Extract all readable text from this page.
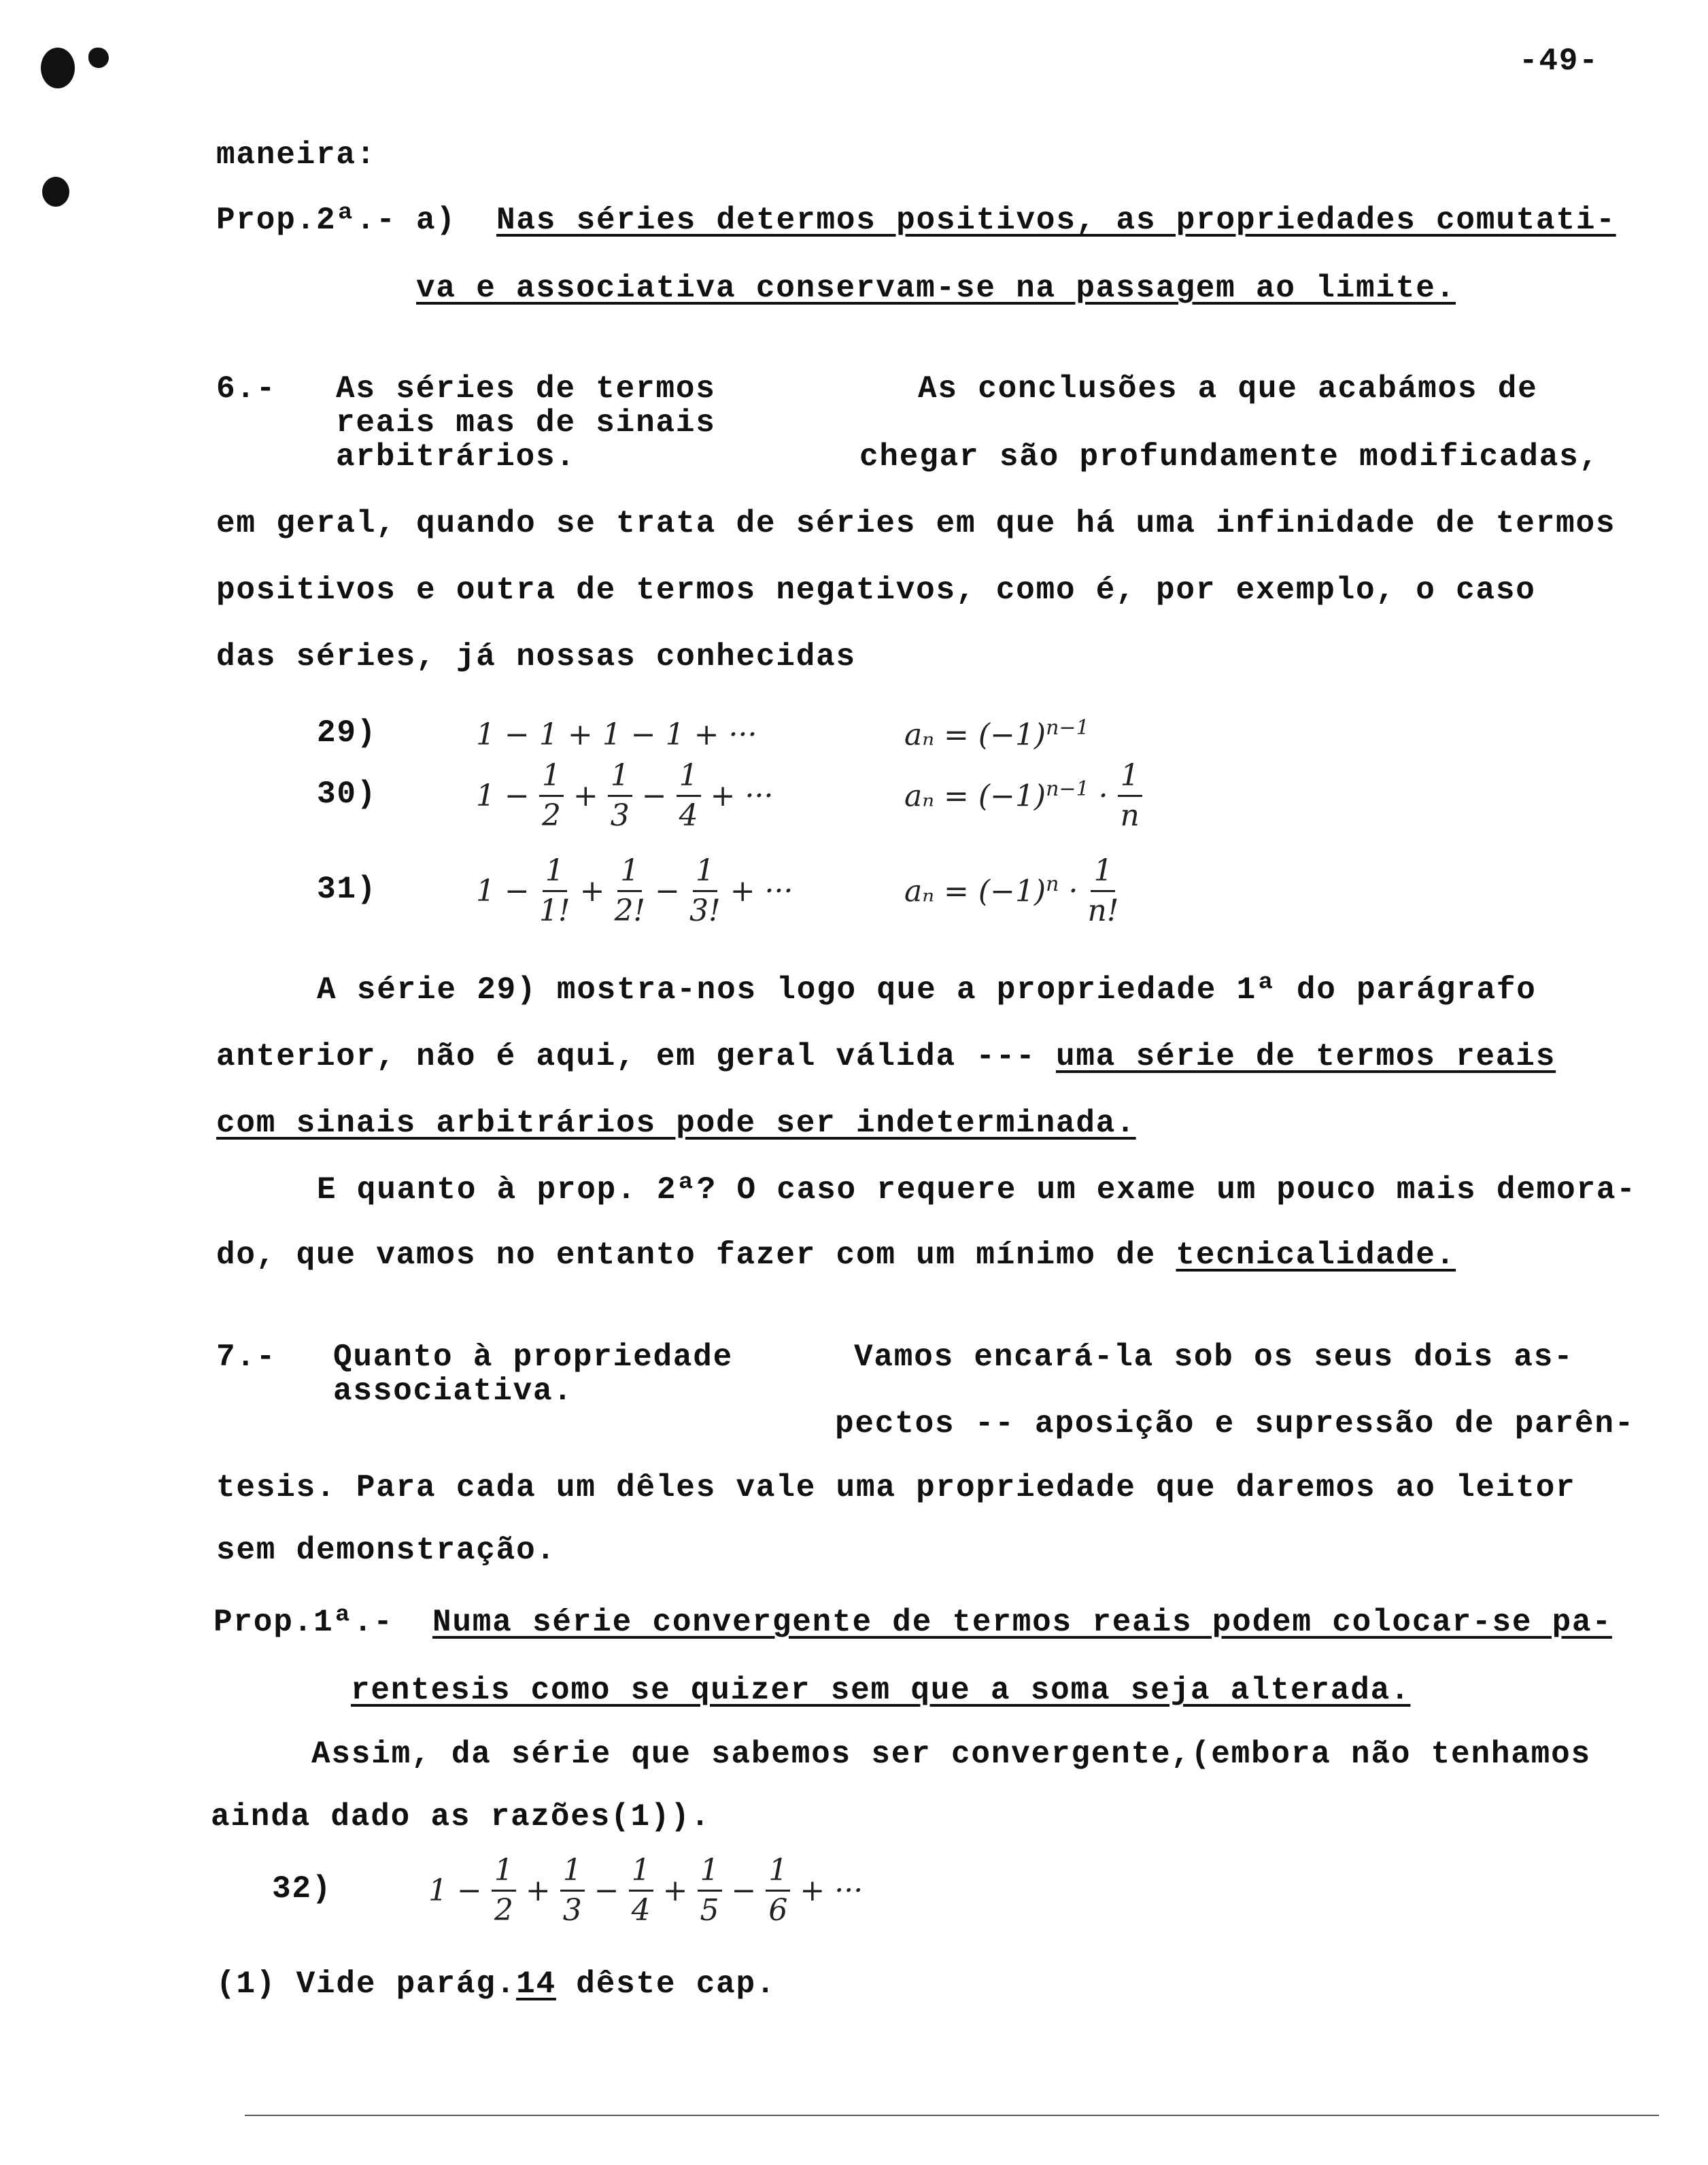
-49-
maneira:
Prop.2ª.- a) Nas séries determos positivos, as propriedades comutati-
va e associativa conservam-se na passagem ao limite.
6.- As séries de termos
reais mas de sinais
arbitrários.
As conclusões a que acabámos de
chegar são profundamente modificadas,
em geral, quando se trata de séries em que há uma infinidade de termos
positivos e outra de termos negativos, como é, por exemplo, o caso
das séries, já nossas conhecidas
29)	1 − 1 + 1 − 1 + ···	$a_n = (-1)^{n-1}$
30)	$1 - \frac{1}{2} + \frac{1}{3} - \frac{1}{4}$ + ···	$a_n = (-1)^{n-1} \cdot \frac{1}{n}$
31)	$1 - \frac{1}{1!} + \frac{1}{2!} - \frac{1}{3!}$ + ···	$a_n = (-1)^n \cdot \frac{1}{n!}$
32)	$1 - \frac{1}{2} + \frac{1}{3} - \frac{1}{4} + \frac{1}{5} - \frac{1}{6}$ + ···
A série 29) mostra-nos logo que a propriedade 1ª do parágrafo
anterior, não é aqui, em geral válida --- uma série de termos reais
com sinais arbitrários pode ser indeterminada.
E quanto à prop. 2ª? O caso requere um exame um pouco mais demora-
do, que vamos no entanto fazer com um mínimo de tecnicalidade.
7.- Quanto à propriedade
associativa.
Vamos encará-la sob os seus dois as-
pectos -- aposição e supressão de parên-
tesis. Para cada um dêles vale uma propriedade que daremos ao leitor
sem demonstração.
Prop.1ª.- Numa série convergente de termos reais podem colocar-se pa-
rentesis como se quizer sem que a soma seja alterada.
Assim, da série que sabemos ser convergente,(embora não tenhamos
ainda dado as razões(1)).
(1) Vide parág.14 dêste cap.
